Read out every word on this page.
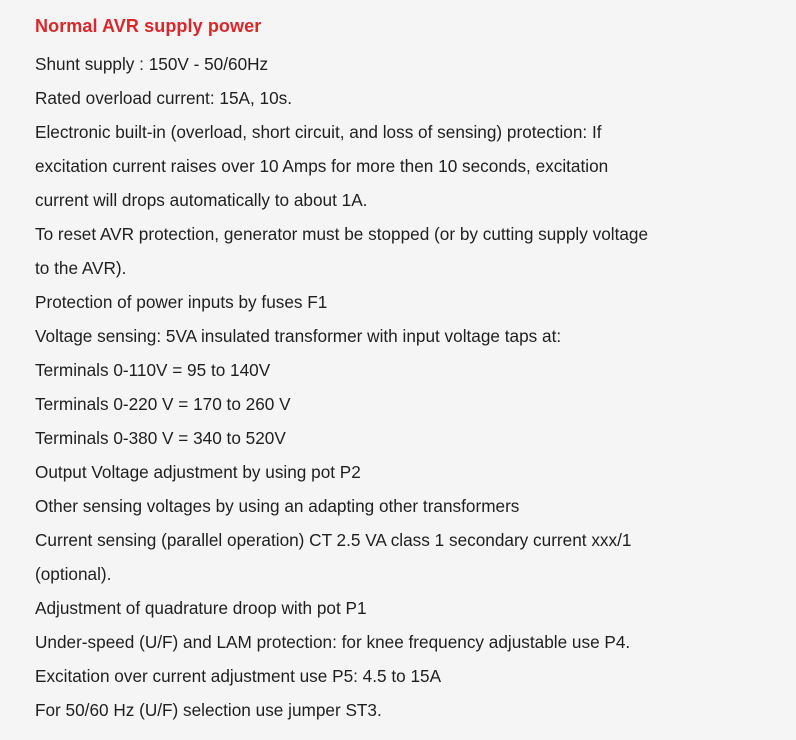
Normal AVR supply power
Shunt supply : 150V - 50/60Hz
Rated overload current: 15A, 10s.
Electronic built-in (overload, short circuit, and loss of sensing) protection: If
excitation current raises over 10 Amps for more then 10 seconds, excitation
current will drops automatically to about 1A.
To reset AVR protection, generator must be stopped (or by cutting supply voltage
to the AVR).
Protection of power inputs by fuses F1
Voltage sensing: 5VA insulated transformer with input voltage taps at:
Terminals 0-110V = 95 to 140V
Terminals 0-220 V = 170 to 260 V
Terminals 0-380 V = 340 to 520V
Output Voltage adjustment by using pot P2
Other sensing voltages by using an adapting other transformers
Current sensing (parallel operation) CT 2.5 VA class 1 secondary current xxx/1
(optional).
Adjustment of quadrature droop with pot P1
Under-speed (U/F) and LAM protection: for knee frequency adjustable use P4.
Excitation over current adjustment use P5: 4.5 to 15A
For 50/60 Hz (U/F) selection use jumper ST3.
